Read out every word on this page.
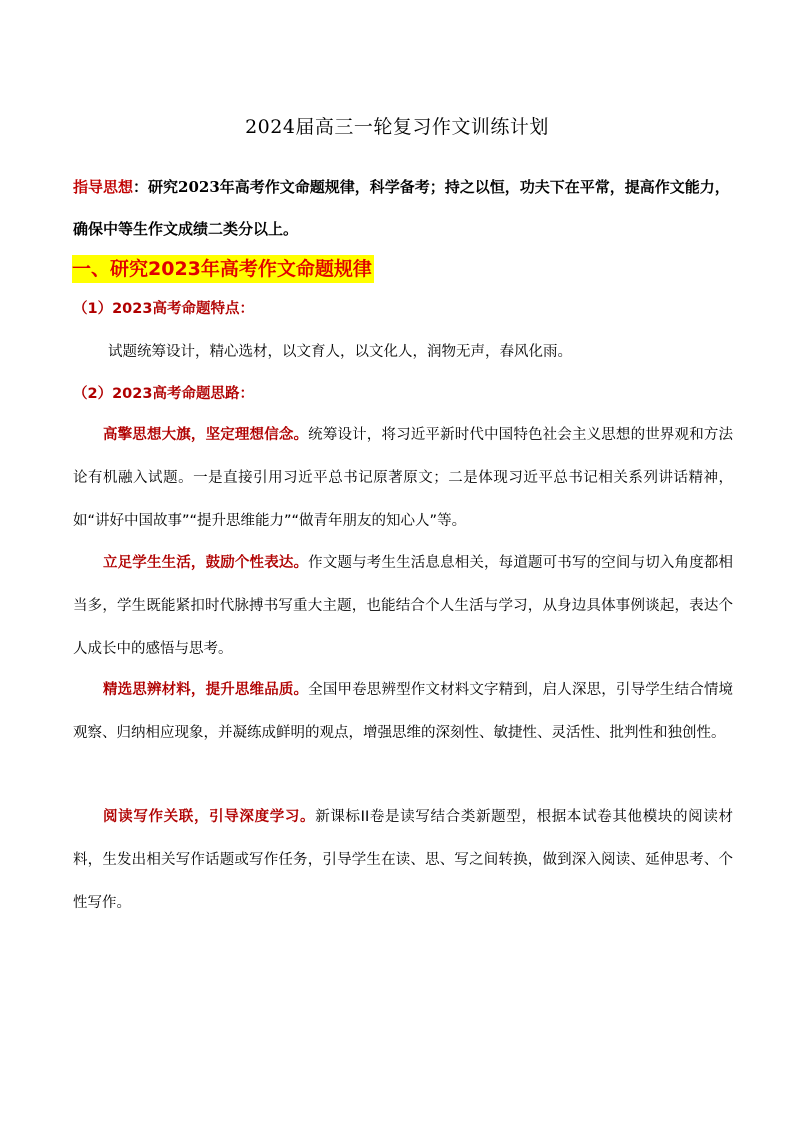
2024届高三一轮复习作文训练计划
指导思想：研究2023年高考作文命题规律，科学备考；持之以恒，功夫下在平常，提高作文能力，确保中等生作文成绩二类分以上。
一、研究2023年高考作文命题规律
（1）2023高考命题特点：
试题统筹设计，精心选材，以文育人，以文化人，润物无声，春风化雨。
（2）2023高考命题思路：
高擎思想大旗，坚定理想信念。统筹设计，将习近平新时代中国特色社会主义思想的世界观和方法论有机融入试题。一是直接引用习近平总书记原著原文；二是体现习近平总书记相关系列讲话精神，如“讲好中国故事”“提升思维能力”“做青年朋友的知心人”等。
立足学生生活，鼓励个性表达。作文题与考生生活息息相关，每道题可书写的空间与切入角度都相当多，学生既能紧扣时代脉搏书写重大主题，也能结合个人生活与学习，从身边具体事例谈起，表达个人成长中的感悟与思考。
精选思辨材料，提升思维品质。全国甲卷思辨型作文材料文字精到，启人深思，引导学生结合情境观察、归纳相应现象，并凝练成鲜明的观点，增强思维的深刻性、敏捷性、灵活性、批判性和独创性。
阅读写作关联，引导深度学习。新课标II卷是读写结合类新题型，根据本试卷其他模块的阅读材料，生发出相关写作话题或写作任务，引导学生在读、思、写之间转换，做到深入阅读、延伸思考、个性写作。
